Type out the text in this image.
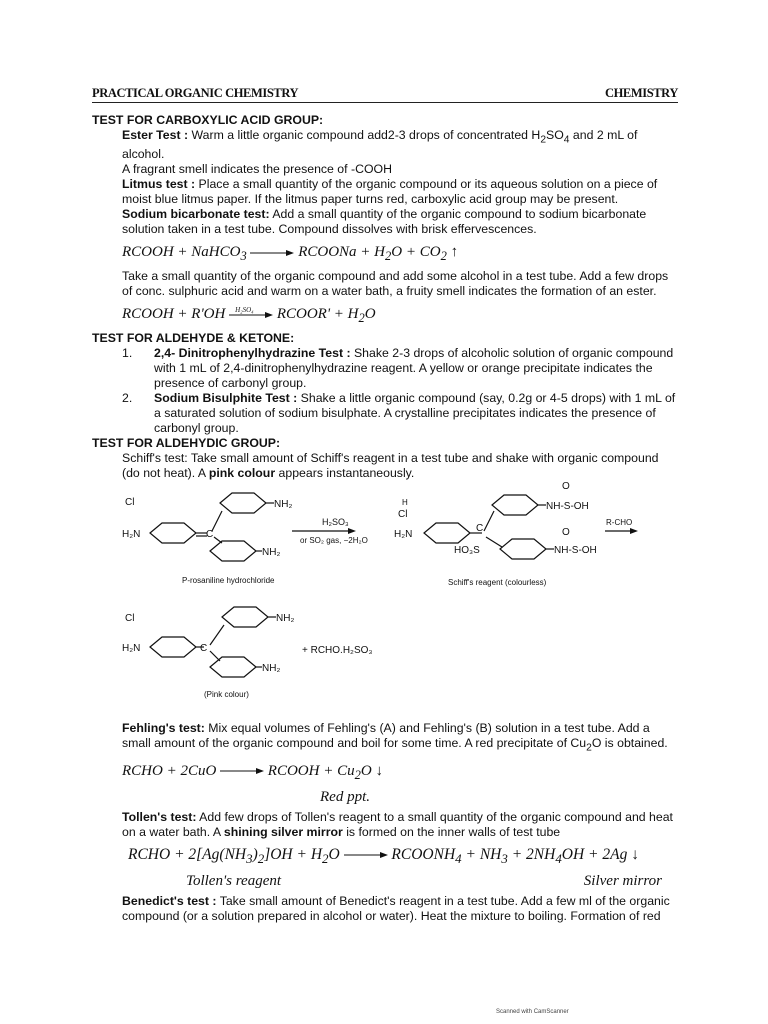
PRACTICAL ORGANIC CHEMISTRY	CHEMISTRY
TEST FOR CARBOXYLIC ACID GROUP:

Ester Test : Warm a little organic compound add2-3 drops of concentrated $H_2SO_4$ and 2 mL of alcohol.

A fragrant smell indicates the presence of -COOH

Litmus test : Place a small quantity of the organic compound or its aqueous solution on a piece of moist blue litmus paper. If the litmus paper turns red, carboxylic acid group may be present.

Sodium bicarbonate test: Add a small quantity of the organic compound to sodium bicarbonate solution taken in a test tube. Compound dissolves with brisk effervescences.

RCOOH + NaHCO$_3$ → RCOONa + $H_2O + CO_2$ ↑

Take a small quantity of the organic compound and add some alcohol in a test tube. Add a few drops of conc. sulphuric acid and warm on a water bath, a fruity smell indicates the formation of an ester.

RCOOH + R'OH H₂SO₄ RCOOR' + $H_2O$
TEST FOR ALDEHYDE & KETONE:
1.	2,4- Dinitrophenylhydrazine Test : Shake 2-3 drops of alcoholic solution of organic compound with 1 mL of 2,4-dinitrophenylhydrazine reagent. A yellow or orange precipitate indicates the presence of carbonyl group.
2.	Sodium Bisulphite Test : Shake a little organic compound (say, 0.2g or 4-5 drops) with 1 mL of a saturated solution of sodium bisulphate. A crystalline precipitates indicates the presence of carbonyl group.
TEST FOR ALDEHYDIC GROUP:

Schiff's test: Take small amount of Schiff's reagent in a test tube and shake with organic compound (do not heat). A pink colour appears instantaneously.

Cl
H₂N	C
NH₂
NH₂
H₂SO₃
or SO₂ gas, −2H₂O
P-rosaniline hydrochloride
H
Cl
H₂N
C
O
NH-S-OH
O
HO₃S	NH-S-OH
R-CHO
Schiff's reagent (colourless)
Cl
H₂N	C
NH₂
NH₂
+ RCHO.H₂SO₃
(Pink colour)

Fehling's test: Mix equal volumes of Fehling's (A) and Fehling's (B) solution in a test tube. Add a small amount of the organic compound and boil for some time. A red precipitate of $Cu_2O$ is obtained.

RCHO + 2CuO → RCOOH + $Cu_2O$ ↓
Red ppt.

Tollen's test: Add few drops of Tollen's reagent to a small quantity of the organic compound and heat on a water bath. A shining silver mirror is formed on the inner walls of test tube

RCHO + $2[Ag(NH_3)_2]OH + H_2O$ → $RCOONH_4 + NH_3 + 2NH_4OH + 2Ag$ ↓
Tollen's reagent	Silver mirror

Benedict's test : Take small amount of Benedict's reagent in a test tube. Add a few ml of the organic compound (or a solution prepared in alcohol or water). Heat the mixture to boiling. Formation of red

Scanned with CamScanner
